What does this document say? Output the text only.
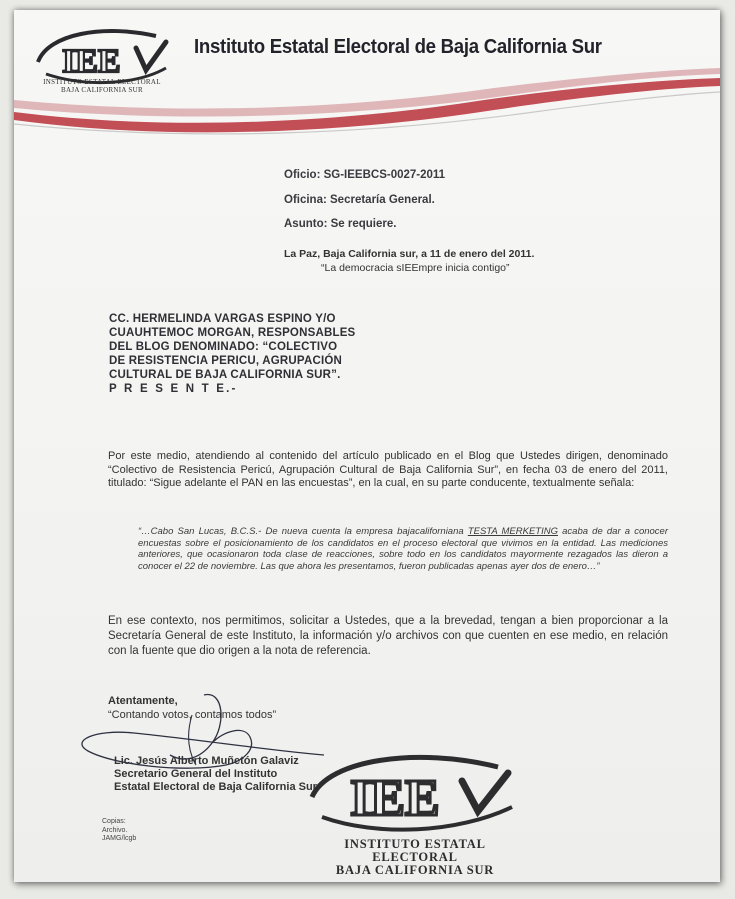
IEE
INSTITUTO ESTATAL ELECTORAL
BAJA CALIFORNIA SUR
Instituto Estatal Electoral de Baja California Sur
Oficio: SG-IEEBCS-0027-2011
Oficina: Secretaría General.
Asunto: Se requiere.
La Paz, Baja California sur, a 11 de enero del 2011.
“La democracia sIEEmpre inicia contigo”
CC. HERMELINDA VARGAS ESPINO Y/O
CUAUHTEMOC MORGAN, RESPONSABLES
DEL BLOG DENOMINADO: “COLECTIVO
DE RESISTENCIA PERICU, AGRUPACIÓN
CULTURAL DE BAJA CALIFORNIA SUR”.
P R E S E N T E.-
Por este medio, atendiendo al contenido del artículo publicado en el Blog que Ustedes dirigen, denominado “Colectivo de Resistencia Pericú, Agrupación Cultural de Baja California Sur”, en fecha 03 de enero del 2011, titulado: “Sigue adelante el PAN en las encuestas”, en la cual, en su parte conducente, textualmente señala:
“…Cabo San Lucas, B.C.S.- De nueva cuenta la empresa bajacaliforniana TESTA MERKETING acaba de dar a conocer encuestas sobre el posicionamiento de los candidatos en el proceso electoral que vivimos en la entidad. Las mediciones anteriores, que ocasionaron toda clase de reacciones, sobre todo en los candidatos mayormente rezagados las dieron a conocer el 22 de noviembre. Las que ahora les presentamos, fueron publicadas apenas ayer dos de enero…”
En ese contexto, nos permitimos, solicitar a Ustedes, que a la brevedad, tengan a bien proporcionar a la Secretaría General de este Instituto, la información y/o archivos con que cuenten en ese medio, en relación con la fuente que dio origen a la nota de referencia.
Atentamente,
“Contando votos, contamos todos”
IEE
INSTITUTO ESTATAL ELECTORAL
BAJA CALIFORNIA SUR
Lic. Jesús Alberto Muñetón Galaviz
Secretario General del Instituto
Estatal Electoral de Baja California Sur
Copias:
Archivo.
JAMG/lcgb
